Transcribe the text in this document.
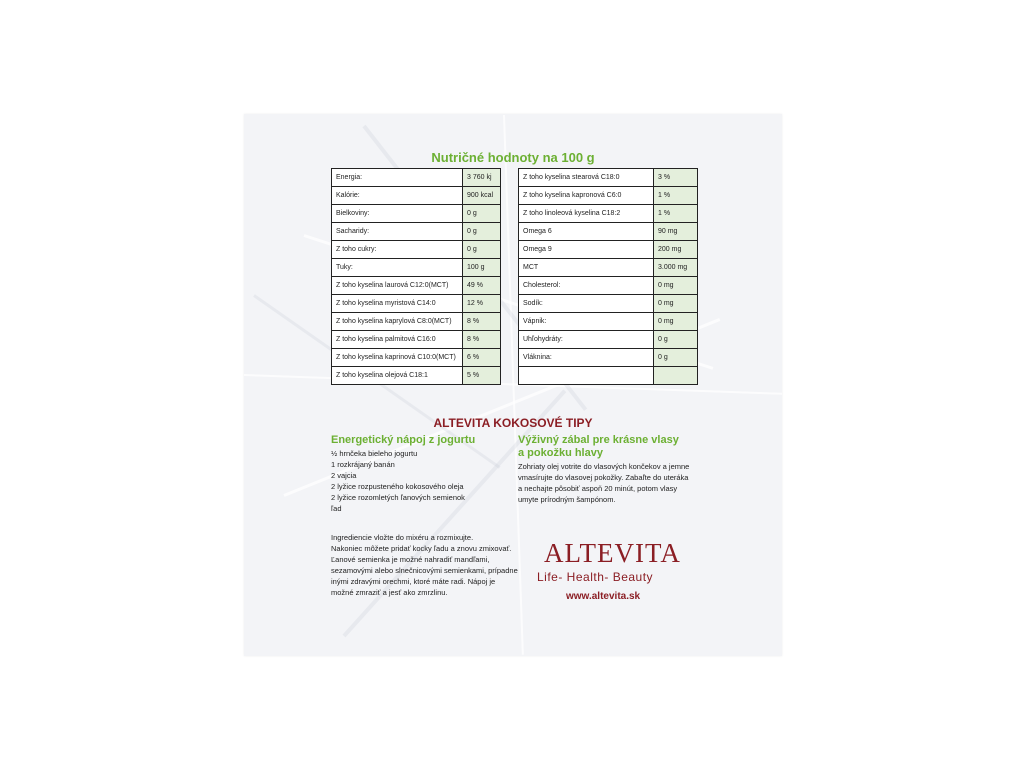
Nutričné hodnoty na 100 g
Energia:	3 760 kj
Kalórie:	900 kcal
Bielkoviny:	0 g
Sacharidy:	0 g
Z toho cukry:	0 g
Tuky:	100 g
Z toho kyselina laurová C12:0(MCT)	49 %
Z toho kyselina myristová C14:0	12 %
Z toho kyselina kaprylová C8:0(MCT)	8 %
Z toho kyselina palmitová C16:0	8 %
Z toho kyselina kaprinová C10:0(MCT)	6 %
Z toho kyselina olejová C18:1	5 %
Z toho kyselina stearová C18:0	3 %
Z toho kyselina kapronová C6:0	1 %
Z toho linoleová kyselina C18:2	1 %
Omega 6	90 mg
Omega 9	200 mg
MCT	3.000 mg
Cholesterol:	0 mg
Sodík:	0 mg
Vápnik:	0 mg
Uhľohydráty:	0 g
Vláknina:	0 g

ALTEVITA KOKOSOVÉ TIPY
Energetický nápoj z jogurtu
½ hrnčeka bieleho jogurtu
1 rozkrájaný banán
2 vajcia
2 lyžice rozpusteného kokosového oleja
2 lyžice rozomletých ľanových semienok
ľad
Ingrediencie vložte do mixéru a rozmixujte.
Nakoniec môžete pridať kocky ľadu a znovu zmixovať.
Ľanové semienka je možné nahradiť mandľami,
sezamovými alebo slnečnicovými semienkami, prípadne
inými zdravými orechmi, ktoré máte radi. Nápoj je
možné zmraziť a jesť ako zmrzlinu.
Výživný zábal pre krásne vlasy
a pokožku hlavy
Zohriaty olej votrite do vlasových končekov a jemne
vmasírujte do vlasovej pokožky. Zabaľte do uteráka
a nechajte pôsobiť aspoň 20 minút, potom vlasy
umyte prírodným šampónom.
ALTEVITA
Life- Health- Beauty
www.altevita.sk
